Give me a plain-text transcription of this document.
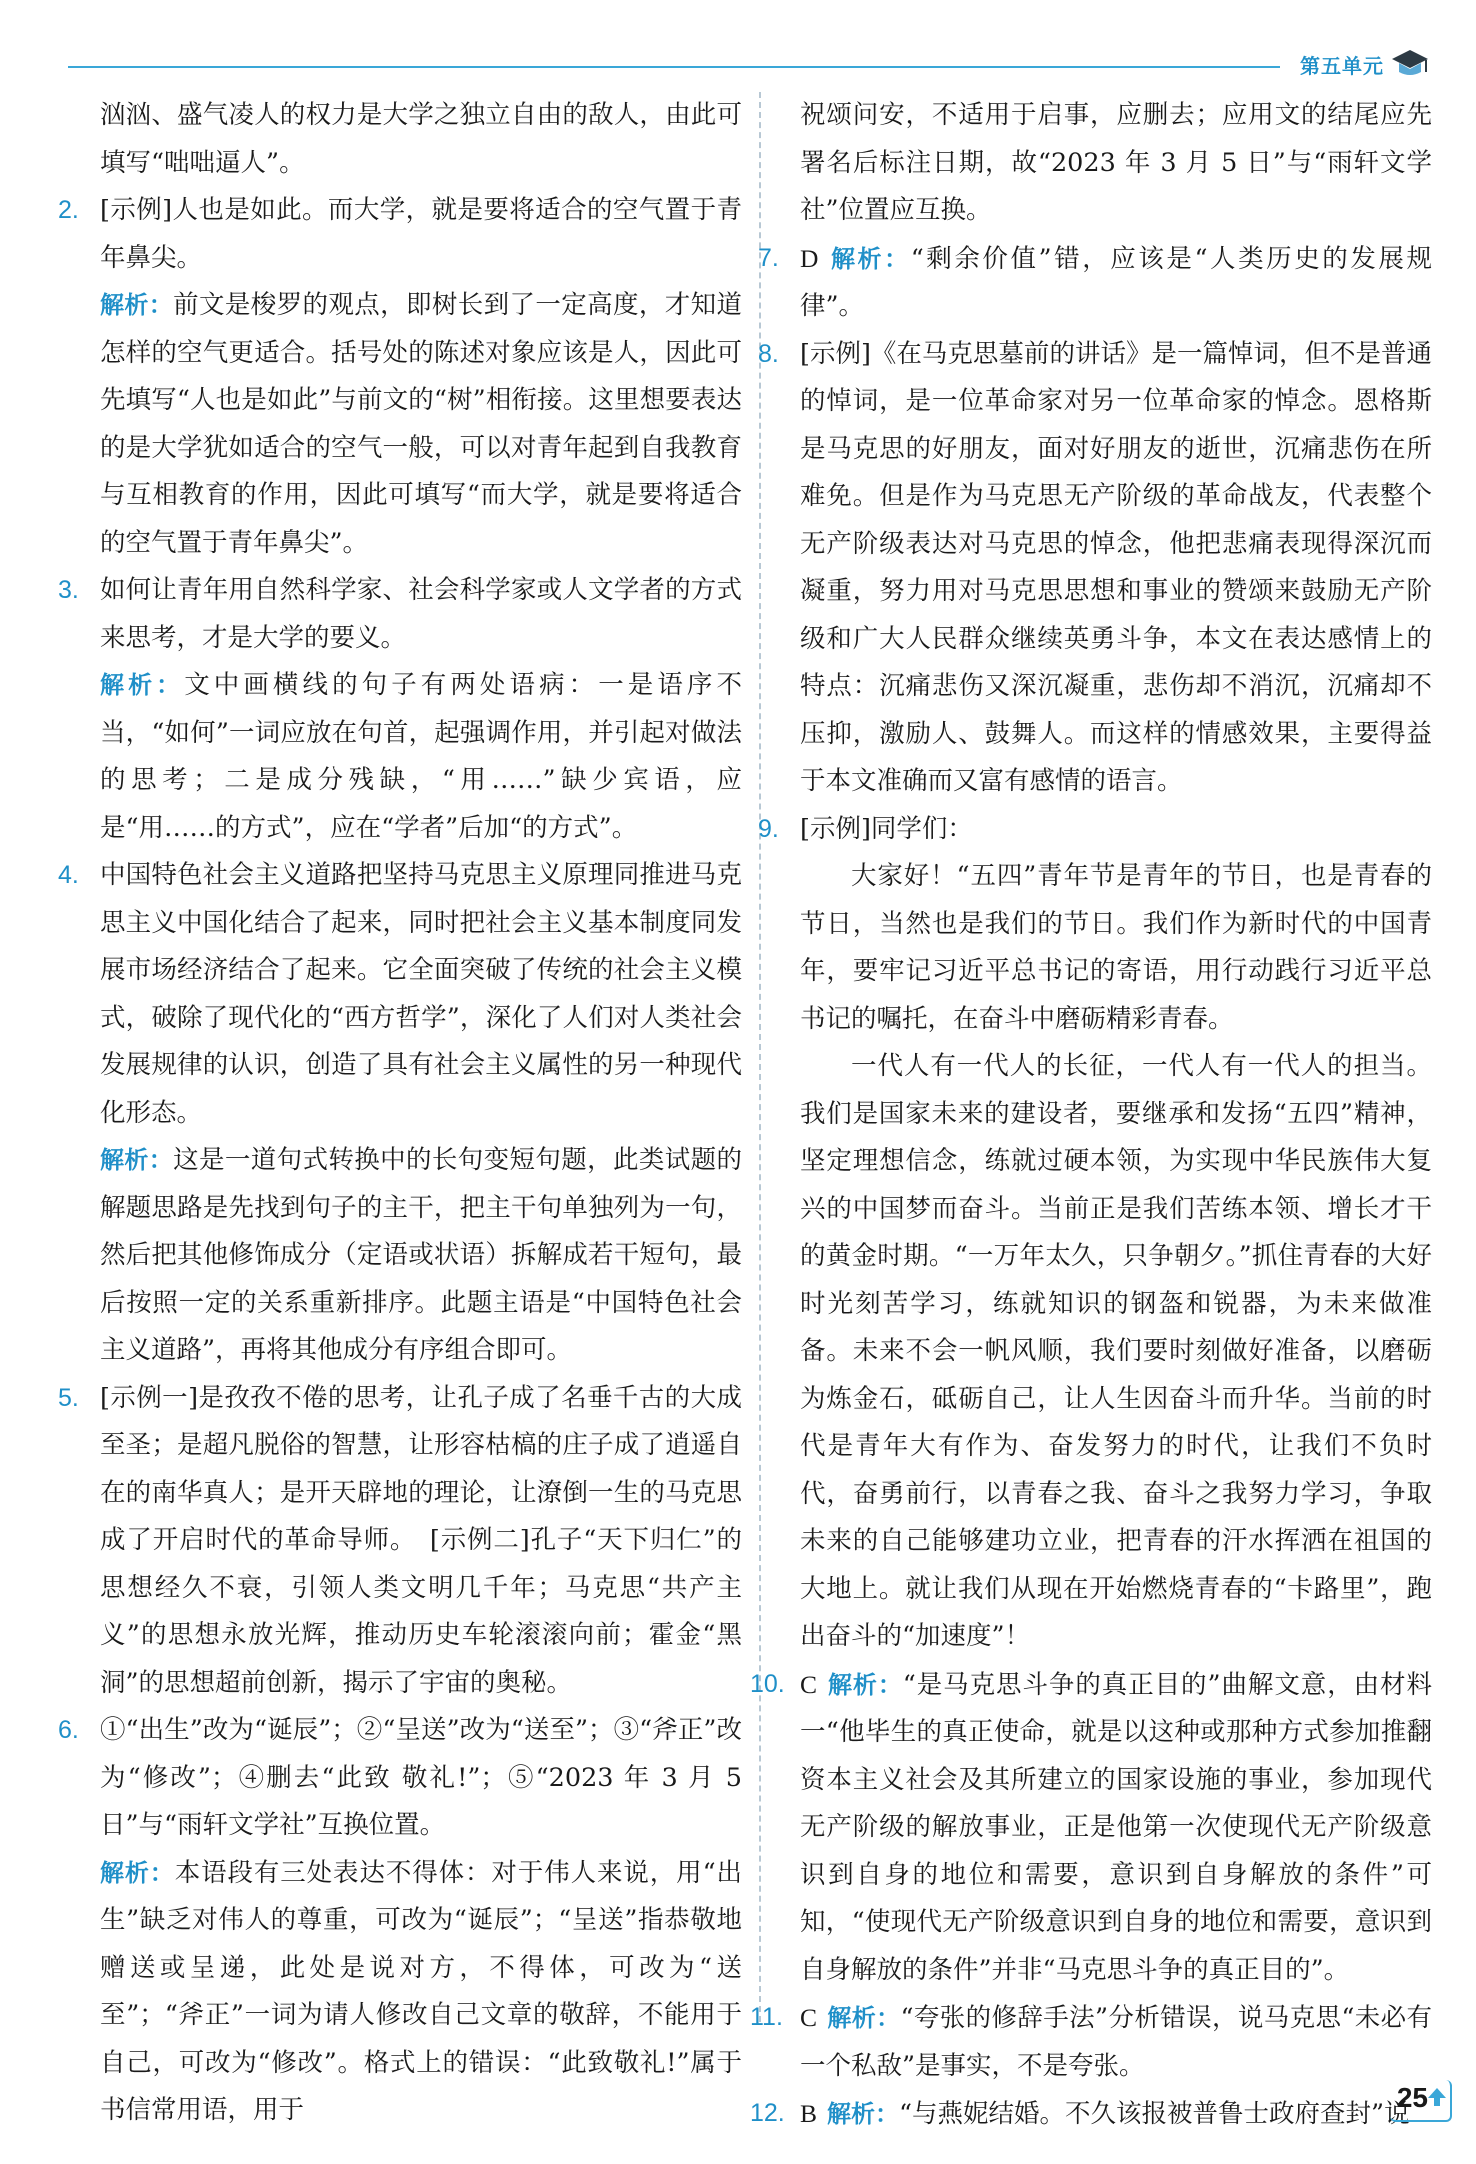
第五单元

汹汹、盛气凌人的权力是大学之独立自由的敌人，由此可填写“咄咄逼人”。

2. [示例]人也是如此。而大学，就是要将适合的空气置于青年鼻尖。

解析：前文是梭罗的观点，即树长到了一定高度，才知道怎样的空气更适合。括号处的陈述对象应该是人，因此可先填写“人也是如此”与前文的“树”相衔接。这里想要表达的是大学犹如适合的空气一般，可以对青年起到自我教育与互相教育的作用，因此可填写“而大学，就是要将适合的空气置于青年鼻尖”。

3. 如何让青年用自然科学家、社会科学家或人文学者的方式来思考，才是大学的要义。

解析：文中画横线的句子有两处语病：一是语序不当，“如何”一词应放在句首，起强调作用，并引起对做法的思考；二是成分残缺，“用……”缺少宾语，应是“用……的方式”，应在“学者”后加“的方式”。

4. 中国特色社会主义道路把坚持马克思主义原理同推进马克思主义中国化结合了起来，同时把社会主义基本制度同发展市场经济结合了起来。它全面突破了传统的社会主义模式，破除了现代化的“西方哲学”，深化了人们对人类社会发展规律的认识，创造了具有社会主义属性的另一种现代化形态。

解析：这是一道句式转换中的长句变短句题，此类试题的解题思路是先找到句子的主干，把主干句单独列为一句，然后把其他修饰成分（定语或状语）拆解成若干短句，最后按照一定的关系重新排序。此题主语是“中国特色社会主义道路”，再将其他成分有序组合即可。

5. [示例一]是孜孜不倦的思考，让孔子成了名垂千古的大成至圣；是超凡脱俗的智慧，让形容枯槁的庄子成了逍遥自在的南华真人；是开天辟地的理论，让潦倒一生的马克思成了开启时代的革命导师。　[示例二]孔子“天下归仁”的思想经久不衰，引领人类文明几千年；马克思“共产主义”的思想永放光辉，推动历史车轮滚滚向前；霍金“黑洞”的思想超前创新，揭示了宇宙的奥秘。

6. ①“出生”改为“诞辰”；②“呈送”改为“送至”；③“斧正”改为“修改”；④删去“此致 敬礼!”；⑤“2023 年 3 月 5 日”与“雨轩文学社”互换位置。

解析：本语段有三处表达不得体：对于伟人来说，用“出生”缺乏对伟人的尊重，可改为“诞辰”；“呈送”指恭敬地赠送或呈递，此处是说对方，不得体，可改为“送至”；“斧正”一词为请人修改自己文章的敬辞，不能用于自己，可改为“修改”。格式上的错误：“此致敬礼!”属于书信常用语，用于

祝颂问安，不适用于启事，应删去；应用文的结尾应先署名后标注日期，故“2023 年 3 月 5 日”与“雨轩文学社”位置应互换。

7. D 解析：“剩余价值”错，应该是“人类历史的发展规律”。

8. [示例]《在马克思墓前的讲话》是一篇悼词，但不是普通的悼词，是一位革命家对另一位革命家的悼念。恩格斯是马克思的好朋友，面对好朋友的逝世，沉痛悲伤在所难免。但是作为马克思无产阶级的革命战友，代表整个无产阶级表达对马克思的悼念，他把悲痛表现得深沉而凝重，努力用对马克思思想和事业的赞颂来鼓励无产阶级和广大人民群众继续英勇斗争，本文在表达感情上的特点：沉痛悲伤又深沉凝重，悲伤却不消沉，沉痛却不压抑，激励人、鼓舞人。而这样的情感效果，主要得益于本文准确而又富有感情的语言。

9. [示例]同学们：

大家好！“五四”青年节是青年的节日，也是青春的节日，当然也是我们的节日。我们作为新时代的中国青年，要牢记习近平总书记的寄语，用行动践行习近平总书记的嘱托，在奋斗中磨砺精彩青春。

一代人有一代人的长征，一代人有一代人的担当。我们是国家未来的建设者，要继承和发扬“五四”精神，坚定理想信念，练就过硬本领，为实现中华民族伟大复兴的中国梦而奋斗。当前正是我们苦练本领、增长才干的黄金时期。“一万年太久，只争朝夕。”抓住青春的大好时光刻苦学习，练就知识的钢盔和锐器，为未来做准备。未来不会一帆风顺，我们要时刻做好准备，以磨砺为炼金石，砥砺自己，让人生因奋斗而升华。当前的时代是青年大有作为、奋发努力的时代，让我们不负时代，奋勇前行，以青春之我、奋斗之我努力学习，争取未来的自己能够建功立业，把青春的汗水挥洒在祖国的大地上。就让我们从现在开始燃烧青春的“卡路里”，跑出奋斗的“加速度”！

10. C 解析：“是马克思斗争的真正目的”曲解文意，由材料一“他毕生的真正使命，就是以这种或那种方式参加推翻资本主义社会及其所建立的国家设施的事业，参加现代无产阶级的解放事业，正是他第一次使现代无产阶级意识到自身的地位和需要，意识到自身解放的条件”可知，“使现代无产阶级意识到自身的地位和需要，意识到自身解放的条件”并非“马克思斗争的真正目的”。

11. C 解析：“夸张的修辞手法”分析错误，说马克思“未必有一个私敌”是事实，不是夸张。

12. B 解析：“与燕妮结婚。不久该报被普鲁士政府查封”说

25
